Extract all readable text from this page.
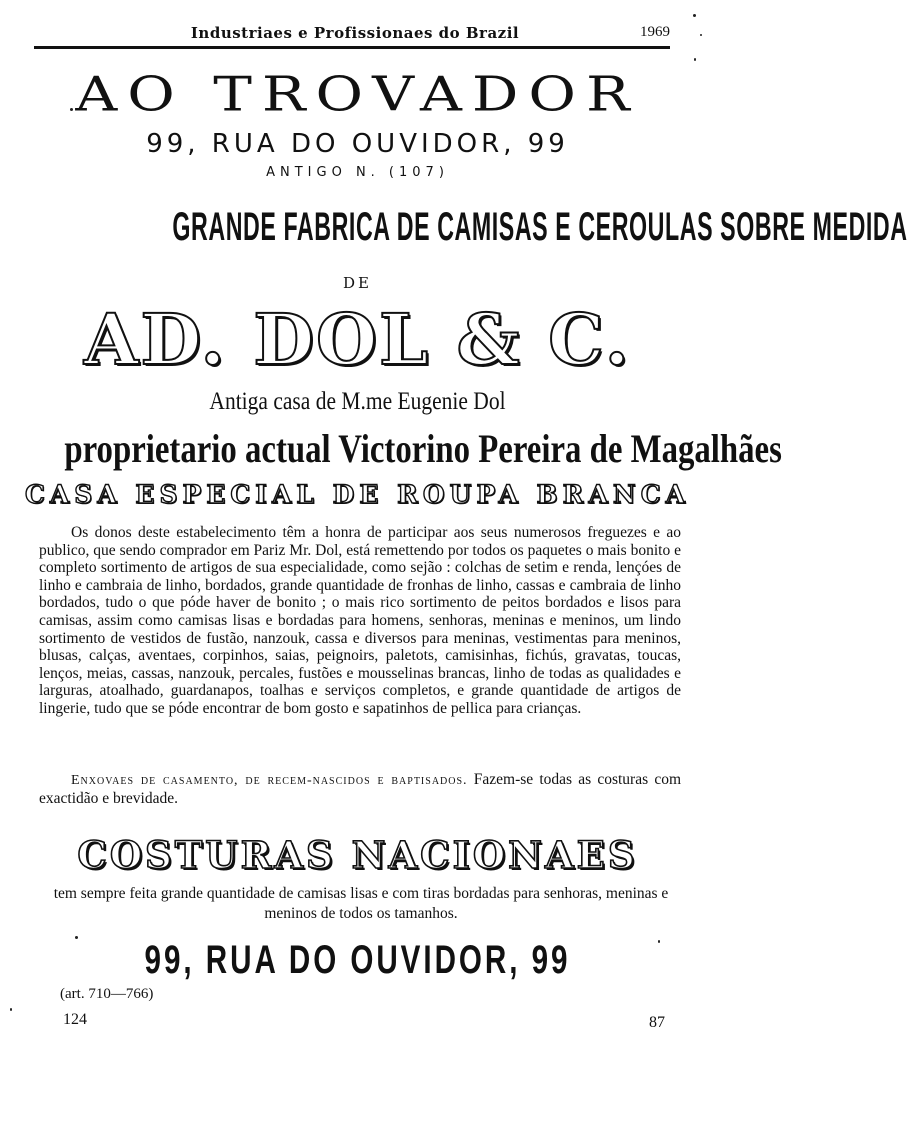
Industriaes e Profissionaes do Brazil	1969
AO TROVADOR
99, RUA DO OUVIDOR, 99
ANTIGO N. (107)
GRANDE FABRICA DE CAMISAS E CEROULAS SOBRE MEDIDA
DE
AD. DOL & C.
Antiga casa de M.me Eugenie Dol
proprietario actual Victorino Pereira de Magalhães
CASA ESPECIAL DE ROUPA BRANCA

Os donos deste estabelecimento têm a honra de participar aos seus numerosos freguezes e ao publico, que sendo comprador em Pariz Mr. Dol, está remettendo por todos os paquetes o mais bonito e completo sortimento de artigos de sua especialidade, como sejão : colchas de setim e renda, lençóes de linho e cambraia de linho, bordados, grande quantidade de fronhas de linho, cassas e cambraia de linho bordados, tudo o que póde haver de bonito ; o mais rico sortimento de peitos bordados e lisos para camisas, assim como camisas lisas e bordadas para homens, senhoras, meninas e meninos, um lindo sortimento de vestidos de fustão, nanzouk, cassa e diversos para meninas, vestimentas para meninos, blusas, calças, aventaes, corpinhos, saias, peignoirs, paletots, camisinhas, fichús, gravatas, toucas, lenços, meias, cassas, nanzouk, percales, fustões e mousselinas brancas, linho de todas as qualidades e larguras, atoalhado, guardanapos, toalhas e serviços completos, e grande quantidade de artigos de lingerie, tudo que se póde encontrar de bom gosto e sapatinhos de pellica para crianças.

Enxovaes de casamento, de recem-nascidos e baptisados. Fazem-se todas as costuras com exactidão e brevidade.

COSTURAS NACIONAES

tem sempre feita grande quantidade de camisas lisas e com tiras bordadas para senhoras, meninas e meninos de todos os tamanhos.

99, RUA DO OUVIDOR, 99
(art. 710—766)
124	87
